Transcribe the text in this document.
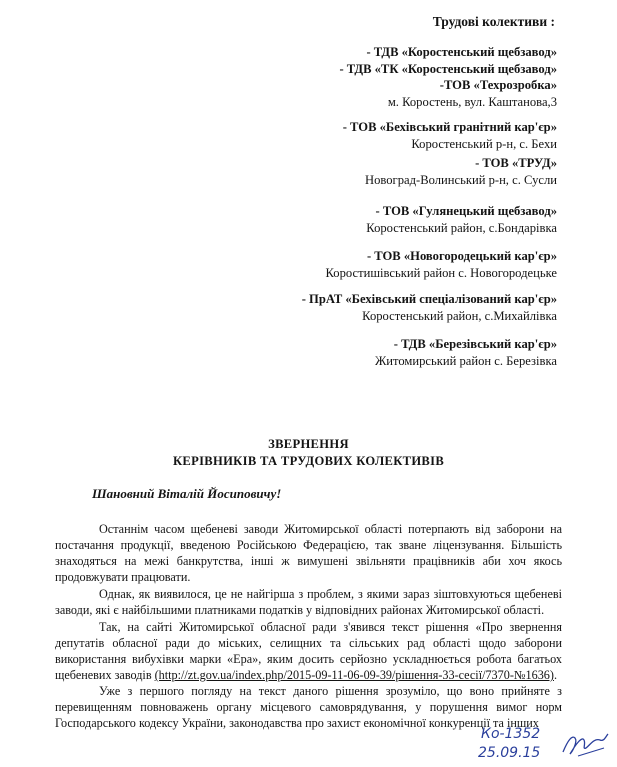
Трудові колективи :
- ТДВ «Коростенський щебзавод»
- ТДВ «ТК «Коростенський щебзавод»
-ТОВ «Техрозробка»
м. Коростень, вул. Каштанова,3
- ТОВ «Бехівський гранітний кар'єр»
Коростенський р-н, с. Бехи
- ТОВ «ТРУД»
Новоград-Волинський р-н, с. Сусли
- ТОВ «Гулянецький щебзавод»
Коростенський район, с.Бондарівка
- ТОВ «Новогородецький кар'єр»
Коростишівський район с. Новогородецьке
- ПрАТ «Бехівський спеціалізований кар'єр»
Коростенський район, с.Михайлівка
- ТДВ «Березівський кар'єр»
Житомирський район с. Березівка
ЗВЕРНЕННЯ
КЕРІВНИКІВ ТА ТРУДОВИХ КОЛЕКТИВІВ
Шановний Віталій Йосиповичу!

Останнім часом щебеневі заводи Житомирської області потерпають від заборони на постачання продукції, введеною Російською Федерацією, так зване ліцензування. Більшість знаходяться на межі банкрутства, інші ж вимушені звільняти працівників аби хоч якось продовжувати працювати.

Однак, як виявилося, це не найгірша з проблем, з якими зараз зіштовхуються щебеневі заводи, які є найбільшими платниками податків у відповідних районах Житомирської області.

Так, на сайті Житомирської обласної ради з'явився текст рішення «Про звернення депутатів обласної ради до міських, селищних та сільських рад області щодо заборони використання вибухівки марки «Ера», яким досить серйозно ускладнюється робота багатьох щебеневих заводів (http://zt.gov.ua/index.php/2015-09-11-06-09-39/рішення-33-сесії/7370-№1636).

Уже з першого погляду на текст даного рішення зрозуміло, що воно прийняте з перевищенням повноважень органу місцевого самоврядування, у порушення вимог норм Господарського кодексу України, законодавства про захист економічної конкуренції та інших

Ко-1352
25.09.15
